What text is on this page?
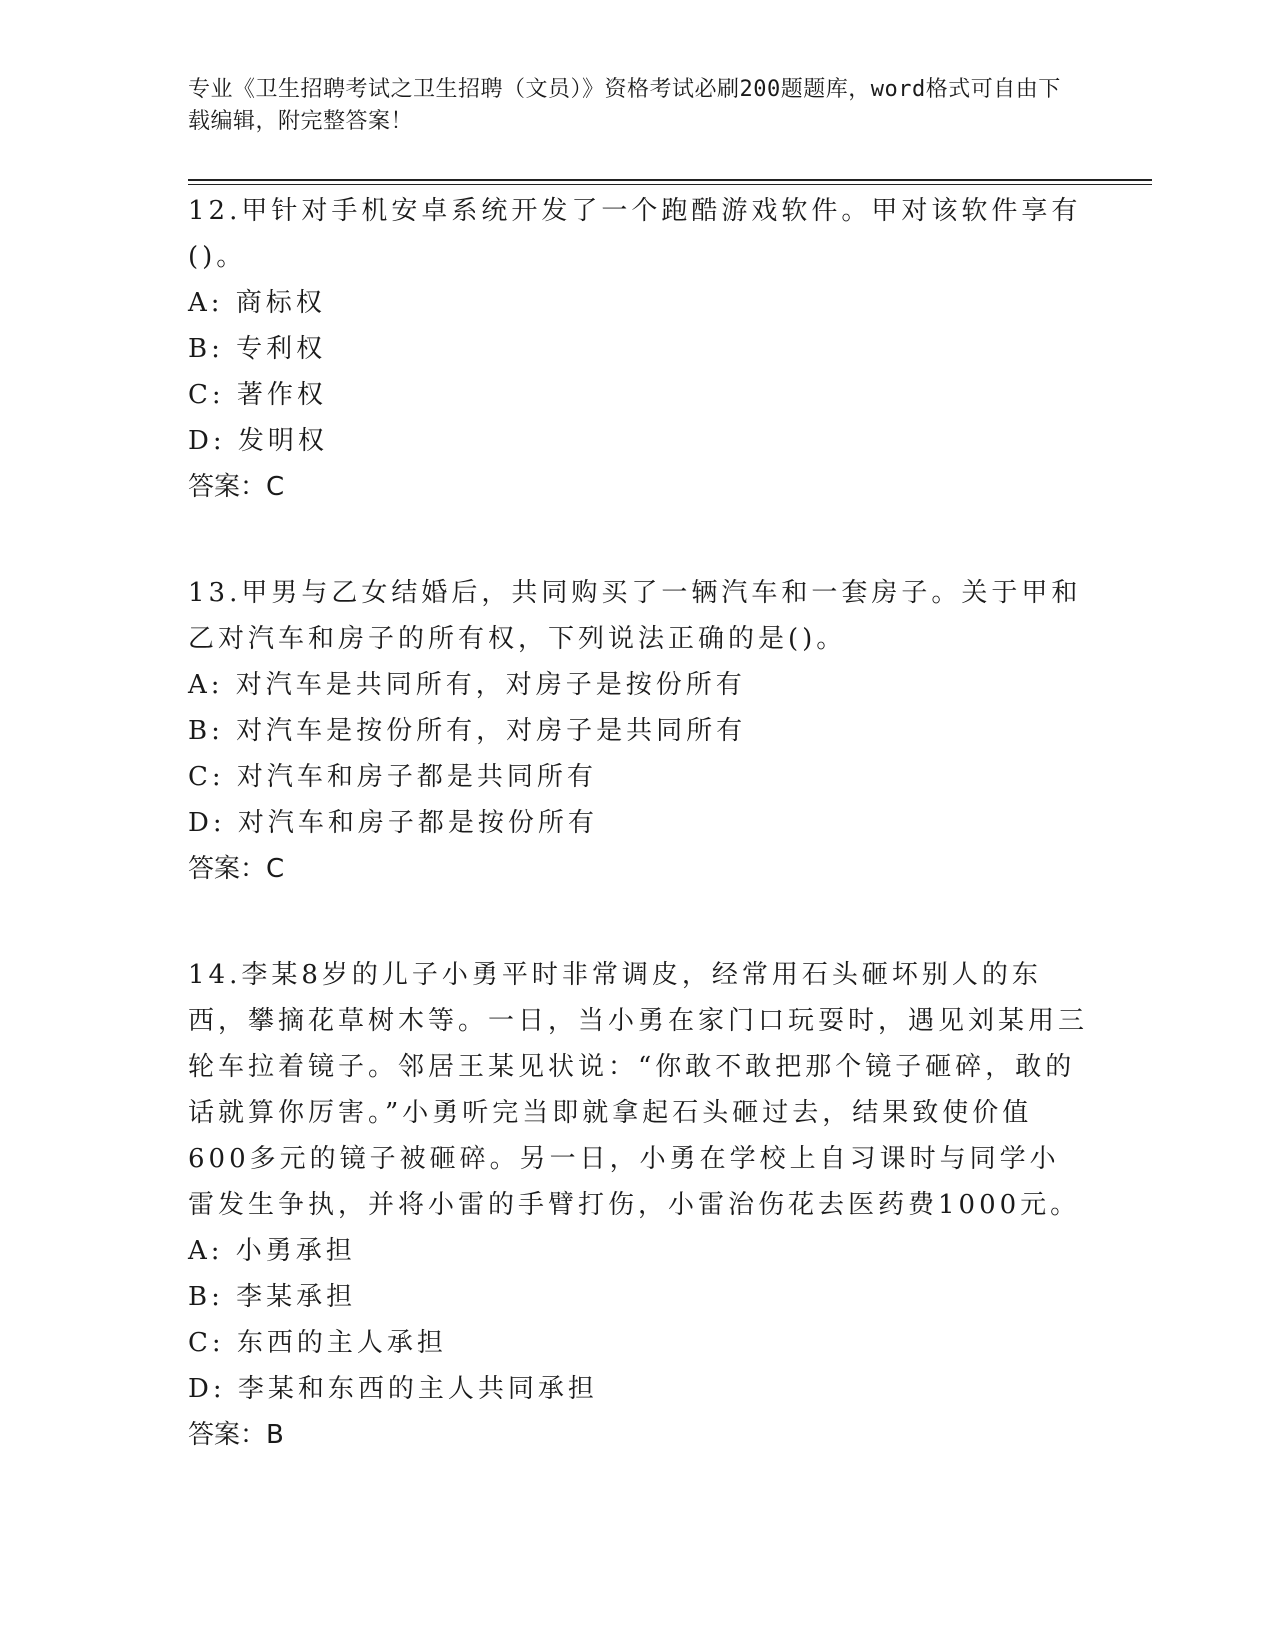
专业《卫生招聘考试之卫生招聘（文员）》资格考试必刷200题题库，word格式可自由下载编辑，附完整答案！

12.甲针对手机安卓系统开发了一个跑酷游戏软件。甲对该软件享有()。

A: 商标权

B: 专利权

C: 著作权

D: 发明权

答案：C

13.甲男与乙女结婚后，共同购买了一辆汽车和一套房子。关于甲和乙对汽车和房子的所有权，下列说法正确的是()。

A: 对汽车是共同所有，对房子是按份所有

B: 对汽车是按份所有，对房子是共同所有

C: 对汽车和房子都是共同所有

D: 对汽车和房子都是按份所有

答案：C

14.李某8岁的儿子小勇平时非常调皮，经常用石头砸坏别人的东西，攀摘花草树木等。一日，当小勇在家门口玩耍时，遇见刘某用三轮车拉着镜子。邻居王某见状说：“你敢不敢把那个镜子砸碎，敢的话就算你厉害。”小勇听完当即就拿起石头砸过去，结果致使价值600多元的镜子被砸碎。另一日，小勇在学校上自习课时与同学小雷发生争执，并将小雷的手臂打伤，小雷治伤花去医药费1000元。

A: 小勇承担

B: 李某承担

C: 东西的主人承担

D: 李某和东西的主人共同承担

答案：B
